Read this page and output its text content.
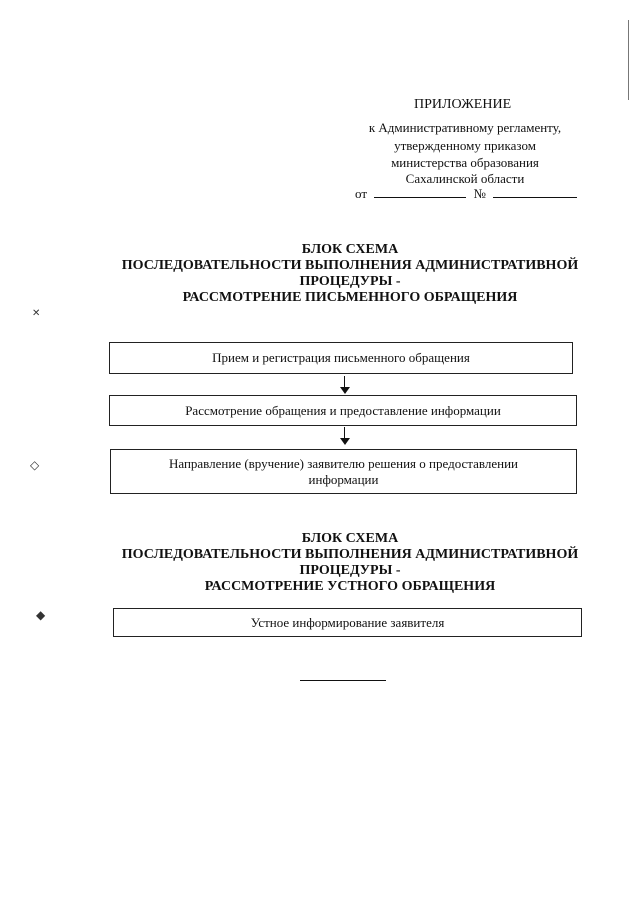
ПРИЛОЖЕНИЕ
к Административному регламенту,
утвержденному приказом
министерства образования
Сахалинской области
от	№
БЛОК СХЕМА
ПОСЛЕДОВАТЕЛЬНОСТИ ВЫПОЛНЕНИЯ АДМИНИСТРАТИВНОЙ
ПРОЦЕДУРЫ -
РАССМОТРЕНИЕ ПИСЬМЕННОГО ОБРАЩЕНИЯ
Прием и регистрация письменного обращения
Рассмотрение обращения и предоставление информации
Направление (вручение) заявителю решения о предоставлении информации
БЛОК СХЕМА
ПОСЛЕДОВАТЕЛЬНОСТИ ВЫПОЛНЕНИЯ АДМИНИСТРАТИВНОЙ
ПРОЦЕДУРЫ -
РАССМОТРЕНИЕ УСТНОГО ОБРАЩЕНИЯ
Устное информирование заявителя
✕
◇
◆
